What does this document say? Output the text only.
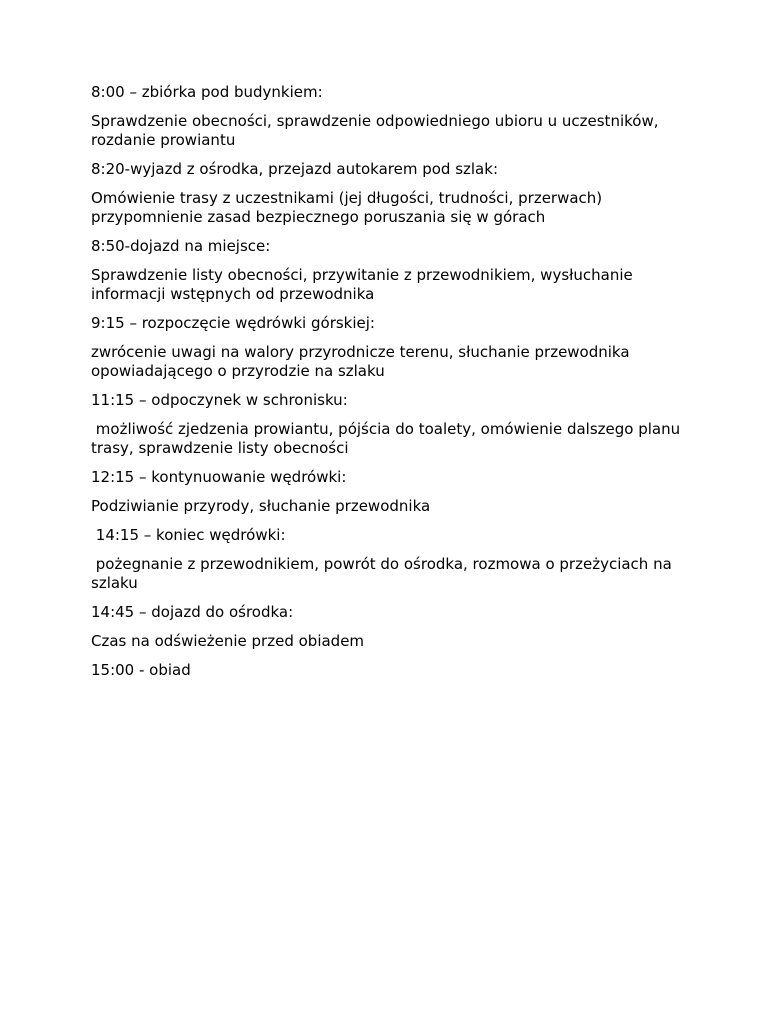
8:00 – zbiórka pod budynkiem:

Sprawdzenie obecności, sprawdzenie odpowiedniego ubioru u uczestników, rozdanie prowiantu

8:20-wyjazd z ośrodka, przejazd autokarem pod szlak:

Omówienie trasy z uczestnikami (jej długości, trudności, przerwach) przypomnienie zasad bezpiecznego poruszania się w górach

8:50-dojazd na miejsce:

Sprawdzenie listy obecności, przywitanie z przewodnikiem, wysłuchanie informacji wstępnych od przewodnika

9:15 – rozpoczęcie wędrówki górskiej:

zwrócenie uwagi na walory przyrodnicze terenu, słuchanie przewodnika opowiadającego o przyrodzie na szlaku

11:15 – odpoczynek w schronisku:

możliwość zjedzenia prowiantu, pójścia do toalety, omówienie dalszego planu trasy, sprawdzenie listy obecności

12:15 – kontynuowanie wędrówki:

Podziwianie przyrody, słuchanie przewodnika

14:15 – koniec wędrówki:

pożegnanie z przewodnikiem, powrót do ośrodka, rozmowa o przeżyciach na szlaku

14:45 – dojazd do ośrodka:

Czas na odświeżenie przed obiadem

15:00 - obiad
